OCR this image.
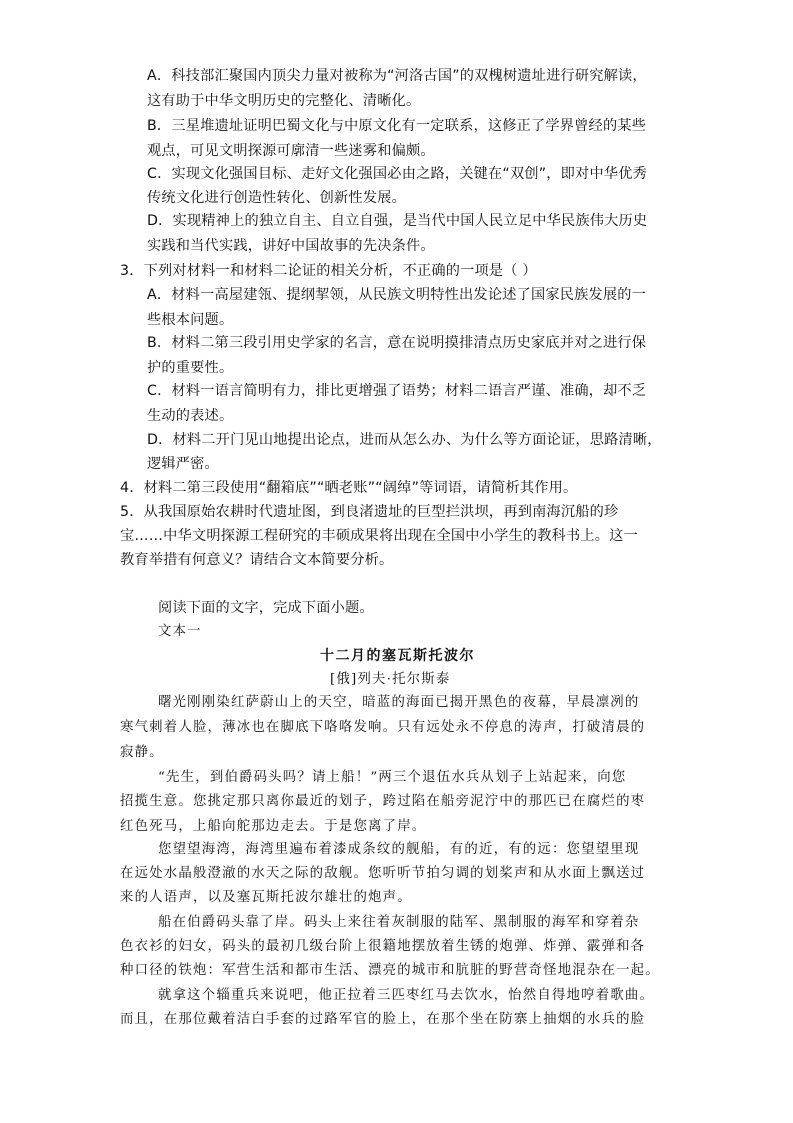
A．科技部汇聚国内顶尖力量对被称为“河洛古国”的双槐树遗址进行研究解读，
这有助于中华文明历史的完整化、清晰化。
B．三星堆遗址证明巴蜀文化与中原文化有一定联系，这修正了学界曾经的某些
观点，可见文明探源可廓清一些迷雾和偏颇。
C．实现文化强国目标、走好文化强国必由之路，关键在“双创”，即对中华优秀
传统文化进行创造性转化、创新性发展。
D．实现精神上的独立自主、自立自强，是当代中国人民立足中华民族伟大历史
实践和当代实践，讲好中国故事的先决条件。
3．下列对材料一和材料二论证的相关分析，不正确的一项是（ ）
A．材料一高屋建瓴、提纲挈领，从民族文明特性出发论述了国家民族发展的一
些根本问题。
B．材料二第三段引用史学家的名言，意在说明摸排清点历史家底并对之进行保
护的重要性。
C．材料一语言简明有力，排比更增强了语势；材料二语言严谨、准确，却不乏
生动的表述。
D．材料二开门见山地提出论点，进而从怎么办、为什么等方面论证，思路清晰，
逻辑严密。
4．材料二第三段使用“翻箱底”“晒老账”“阔绰”等词语，请简析其作用。
5．从我国原始农耕时代遗址图，到良渚遗址的巨型拦洪坝，再到南海沉船的珍
宝……中华文明探源工程研究的丰硕成果将出现在全国中小学生的教科书上。这一
教育举措有何意义？请结合文本简要分析。
阅读下面的文字，完成下面小题。
文本一
十二月的塞瓦斯托波尔
[俄]列夫·托尔斯泰
曙光刚刚染红萨蔚山上的天空，暗蓝的海面已揭开黑色的夜幕，早晨凛冽的
寒气刺着人脸，薄冰也在脚底下咯咯发响。只有远处永不停息的涛声，打破清晨的
寂静。
“先生，到伯爵码头吗？请上船！”两三个退伍水兵从划子上站起来，向您
招揽生意。您挑定那只离你最近的划子，跨过陷在船旁泥泞中的那匹已在腐烂的枣
红色死马，上船向舵那边走去。于是您离了岸。
您望望海湾，海湾里遍布着漆成条纹的舰船，有的近，有的远：您望望里现
在远处水晶般澄澈的水天之际的敌舰。您听听节拍匀调的划桨声和从水面上飘送过
来的人语声，以及塞瓦斯托波尔雄壮的炮声。
船在伯爵码头靠了岸。码头上来往着灰制服的陆军、黑制服的海军和穿着杂
色衣衫的妇女，码头的最初几级台阶上很籍地摆放着生锈的炮弹、炸弹、霰弹和各
种口径的铁炮：军营生活和都市生活、漂亮的城市和肮脏的野营奇怪地混杂在一起。
就拿这个辎重兵来说吧，他正拉着三匹枣红马去饮水，怡然自得地哼着歌曲。
而且，在那位戴着洁白手套的过路军官的脸上，在那个坐在防寨上抽烟的水兵的脸
